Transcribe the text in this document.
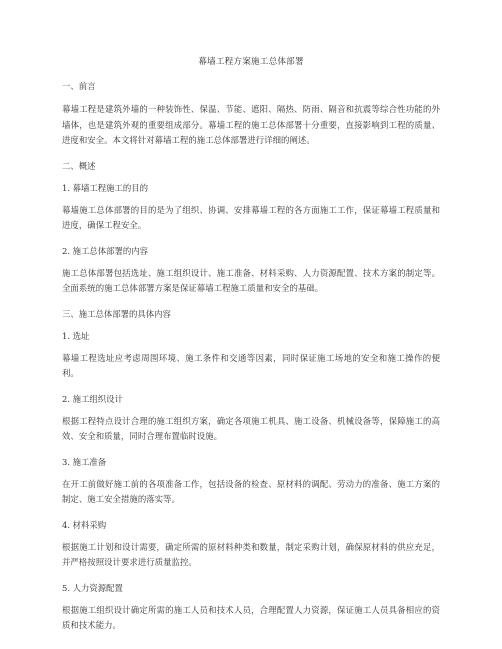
幕墙工程方案施工总体部署
一、前言
幕墙工程是建筑外墙的一种装饰性、保温、节能、遮阳、隔热、防雨、隔音和抗震等综合性功能的外墙体，也是建筑外观的重要组成部分。幕墙工程的施工总体部署十分重要，直接影响到工程的质量、进度和安全。本文将针对幕墙工程的施工总体部署进行详细的阐述。
二、概述
1. 幕墙工程施工的目的
幕墙施工总体部署的目的是为了组织、协调、安排幕墙工程的各方面施工工作，保证幕墙工程质量和进度，确保工程安全。
2. 施工总体部署的内容
施工总体部署包括选址、施工组织设计、施工准备、材料采购、人力资源配置、技术方案的制定等。全面系统的施工总体部署方案是保证幕墙工程施工质量和安全的基础。
三、施工总体部署的具体内容
1. 选址
幕墙工程选址应考虑周围环境、施工条件和交通等因素，同时保证施工场地的安全和施工操作的便利。
2. 施工组织设计
根据工程特点设计合理的施工组织方案，确定各项施工机具、施工设备、机械设备等，保障施工的高效、安全和质量，同时合理布置临时设施。
3. 施工准备
在开工前做好施工前的各项准备工作，包括设备的检查、原材料的调配、劳动力的准备、施工方案的制定、施工安全措施的落实等。
4. 材料采购
根据施工计划和设计需要，确定所需的原材料种类和数量，制定采购计划，确保原材料的供应充足，并严格按照设计要求进行质量监控。
5. 人力资源配置
根据施工组织设计确定所需的施工人员和技术人员，合理配置人力资源，保证施工人员具备相应的资质和技术能力。
